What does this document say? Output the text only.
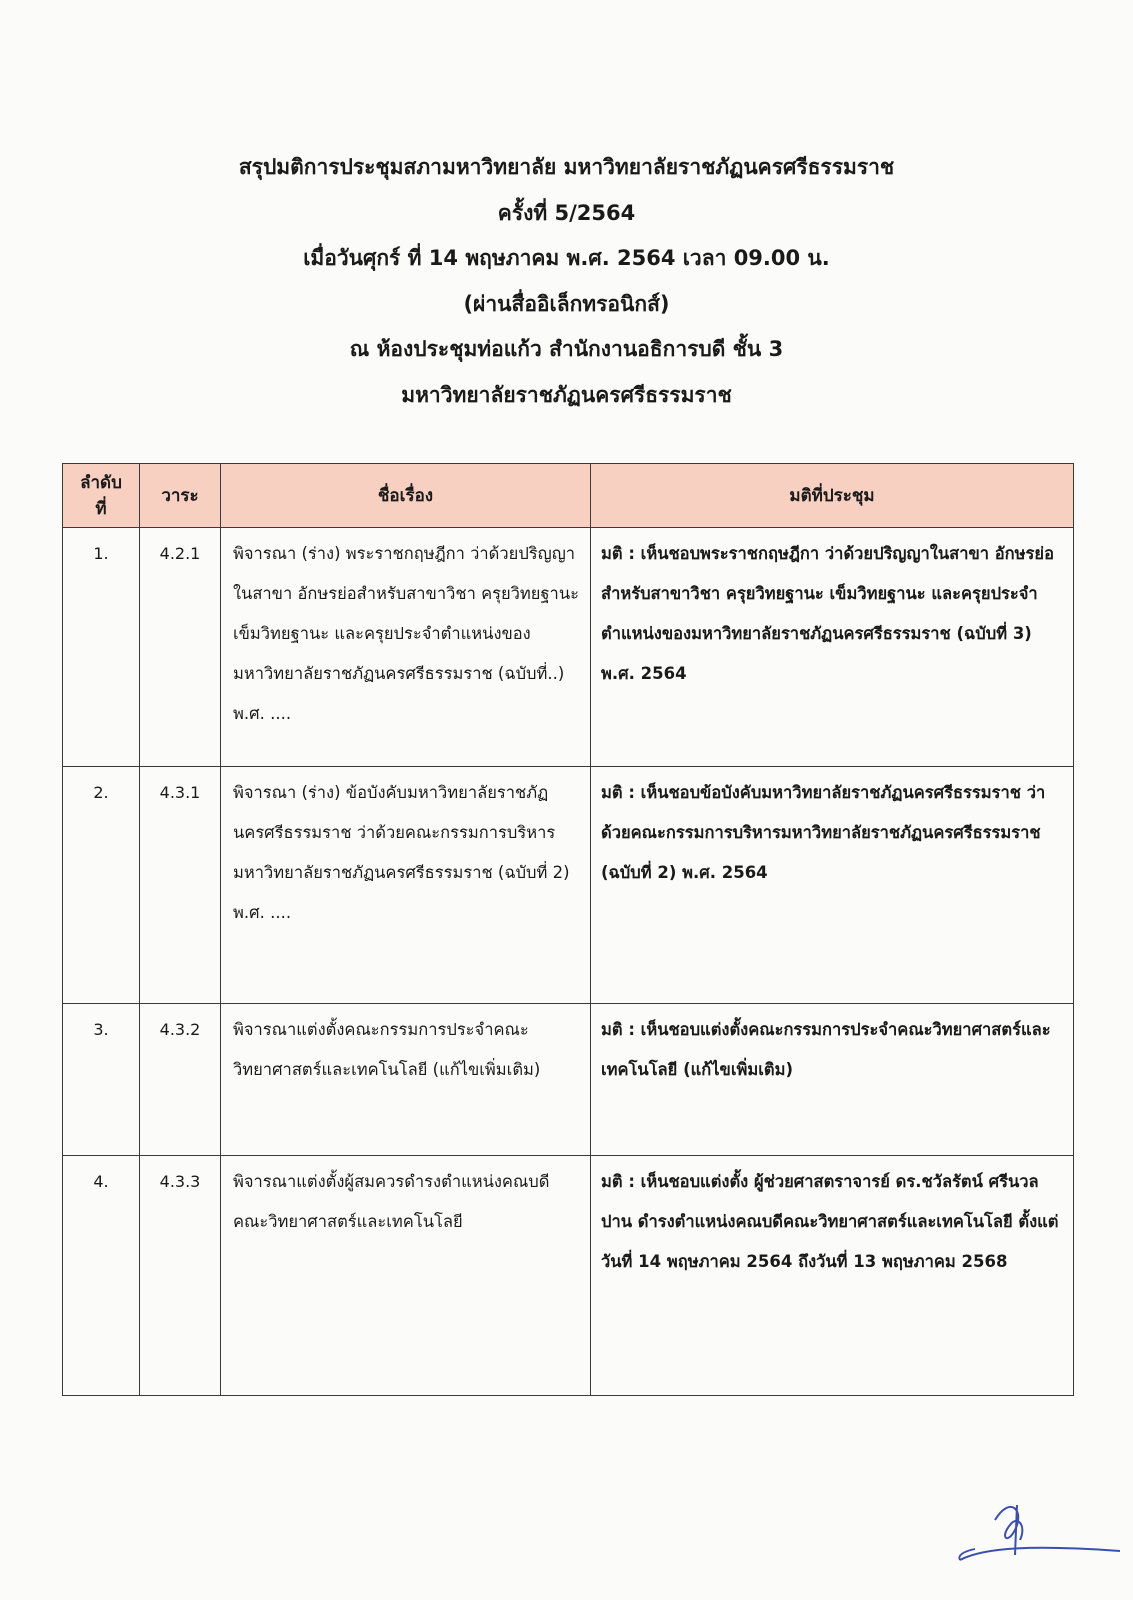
สรุปมติการประชุมสภามหาวิทยาลัย มหาวิทยาลัยราชภัฏนครศรีธรรมราช
ครั้งที่ 5/2564
เมื่อวันศุกร์ ที่ 14 พฤษภาคม พ.ศ. 2564 เวลา 09.00 น.
(ผ่านสื่ออิเล็กทรอนิกส์)
ณ ห้องประชุมท่อแก้ว สำนักงานอธิการบดี ชั้น 3
มหาวิทยาลัยราชภัฏนครศรีธรรมราช
ลำดับ
ที่	วาระ	ชื่อเรื่อง	มติที่ประชุม
1.	4.2.1	พิจารณา (ร่าง) พระราชกฤษฎีกา ว่าด้วยปริญญาในสาขา อักษรย่อสำหรับสาขาวิชา ครุยวิทยฐานะ เข็มวิทยฐานะ และครุยประจำตำแหน่งของมหาวิทยาลัยราชภัฏนครศรีธรรมราช (ฉบับที่..) พ.ศ. ....	มติ : เห็นชอบพระราชกฤษฎีกา ว่าด้วยปริญญาในสาขา อักษรย่อสำหรับสาขาวิชา ครุยวิทยฐานะ เข็มวิทยฐานะ และครุยประจำตำแหน่งของมหาวิทยาลัยราชภัฏนครศรีธรรมราช (ฉบับที่ 3) พ.ศ. 2564
2.	4.3.1	พิจารณา (ร่าง) ข้อบังคับมหาวิทยาลัยราชภัฏนครศรีธรรมราช ว่าด้วยคณะกรรมการบริหารมหาวิทยาลัยราชภัฏนครศรีธรรมราช (ฉบับที่ 2) พ.ศ. ....	มติ : เห็นชอบข้อบังคับมหาวิทยาลัยราชภัฏนครศรีธรรมราช ว่าด้วยคณะกรรมการบริหารมหาวิทยาลัยราชภัฏนครศรีธรรมราช (ฉบับที่ 2) พ.ศ. 2564
3.	4.3.2	พิจารณาแต่งตั้งคณะกรรมการประจำคณะวิทยาศาสตร์และเทคโนโลยี (แก้ไขเพิ่มเติม)	มติ : เห็นชอบแต่งตั้งคณะกรรมการประจำคณะวิทยาศาสตร์และเทคโนโลยี (แก้ไขเพิ่มเติม)
4.	4.3.3	พิจารณาแต่งตั้งผู้สมควรดำรงตำแหน่งคณบดีคณะวิทยาศาสตร์และเทคโนโลยี	มติ : เห็นชอบแต่งตั้ง ผู้ช่วยศาสตราจารย์ ดร.ชวัลรัตน์ ศรีนวลปาน ดำรงตำแหน่งคณบดีคณะวิทยาศาสตร์และเทคโนโลยี ตั้งแต่วันที่ 14 พฤษภาคม 2564 ถึงวันที่ 13 พฤษภาคม 2568
